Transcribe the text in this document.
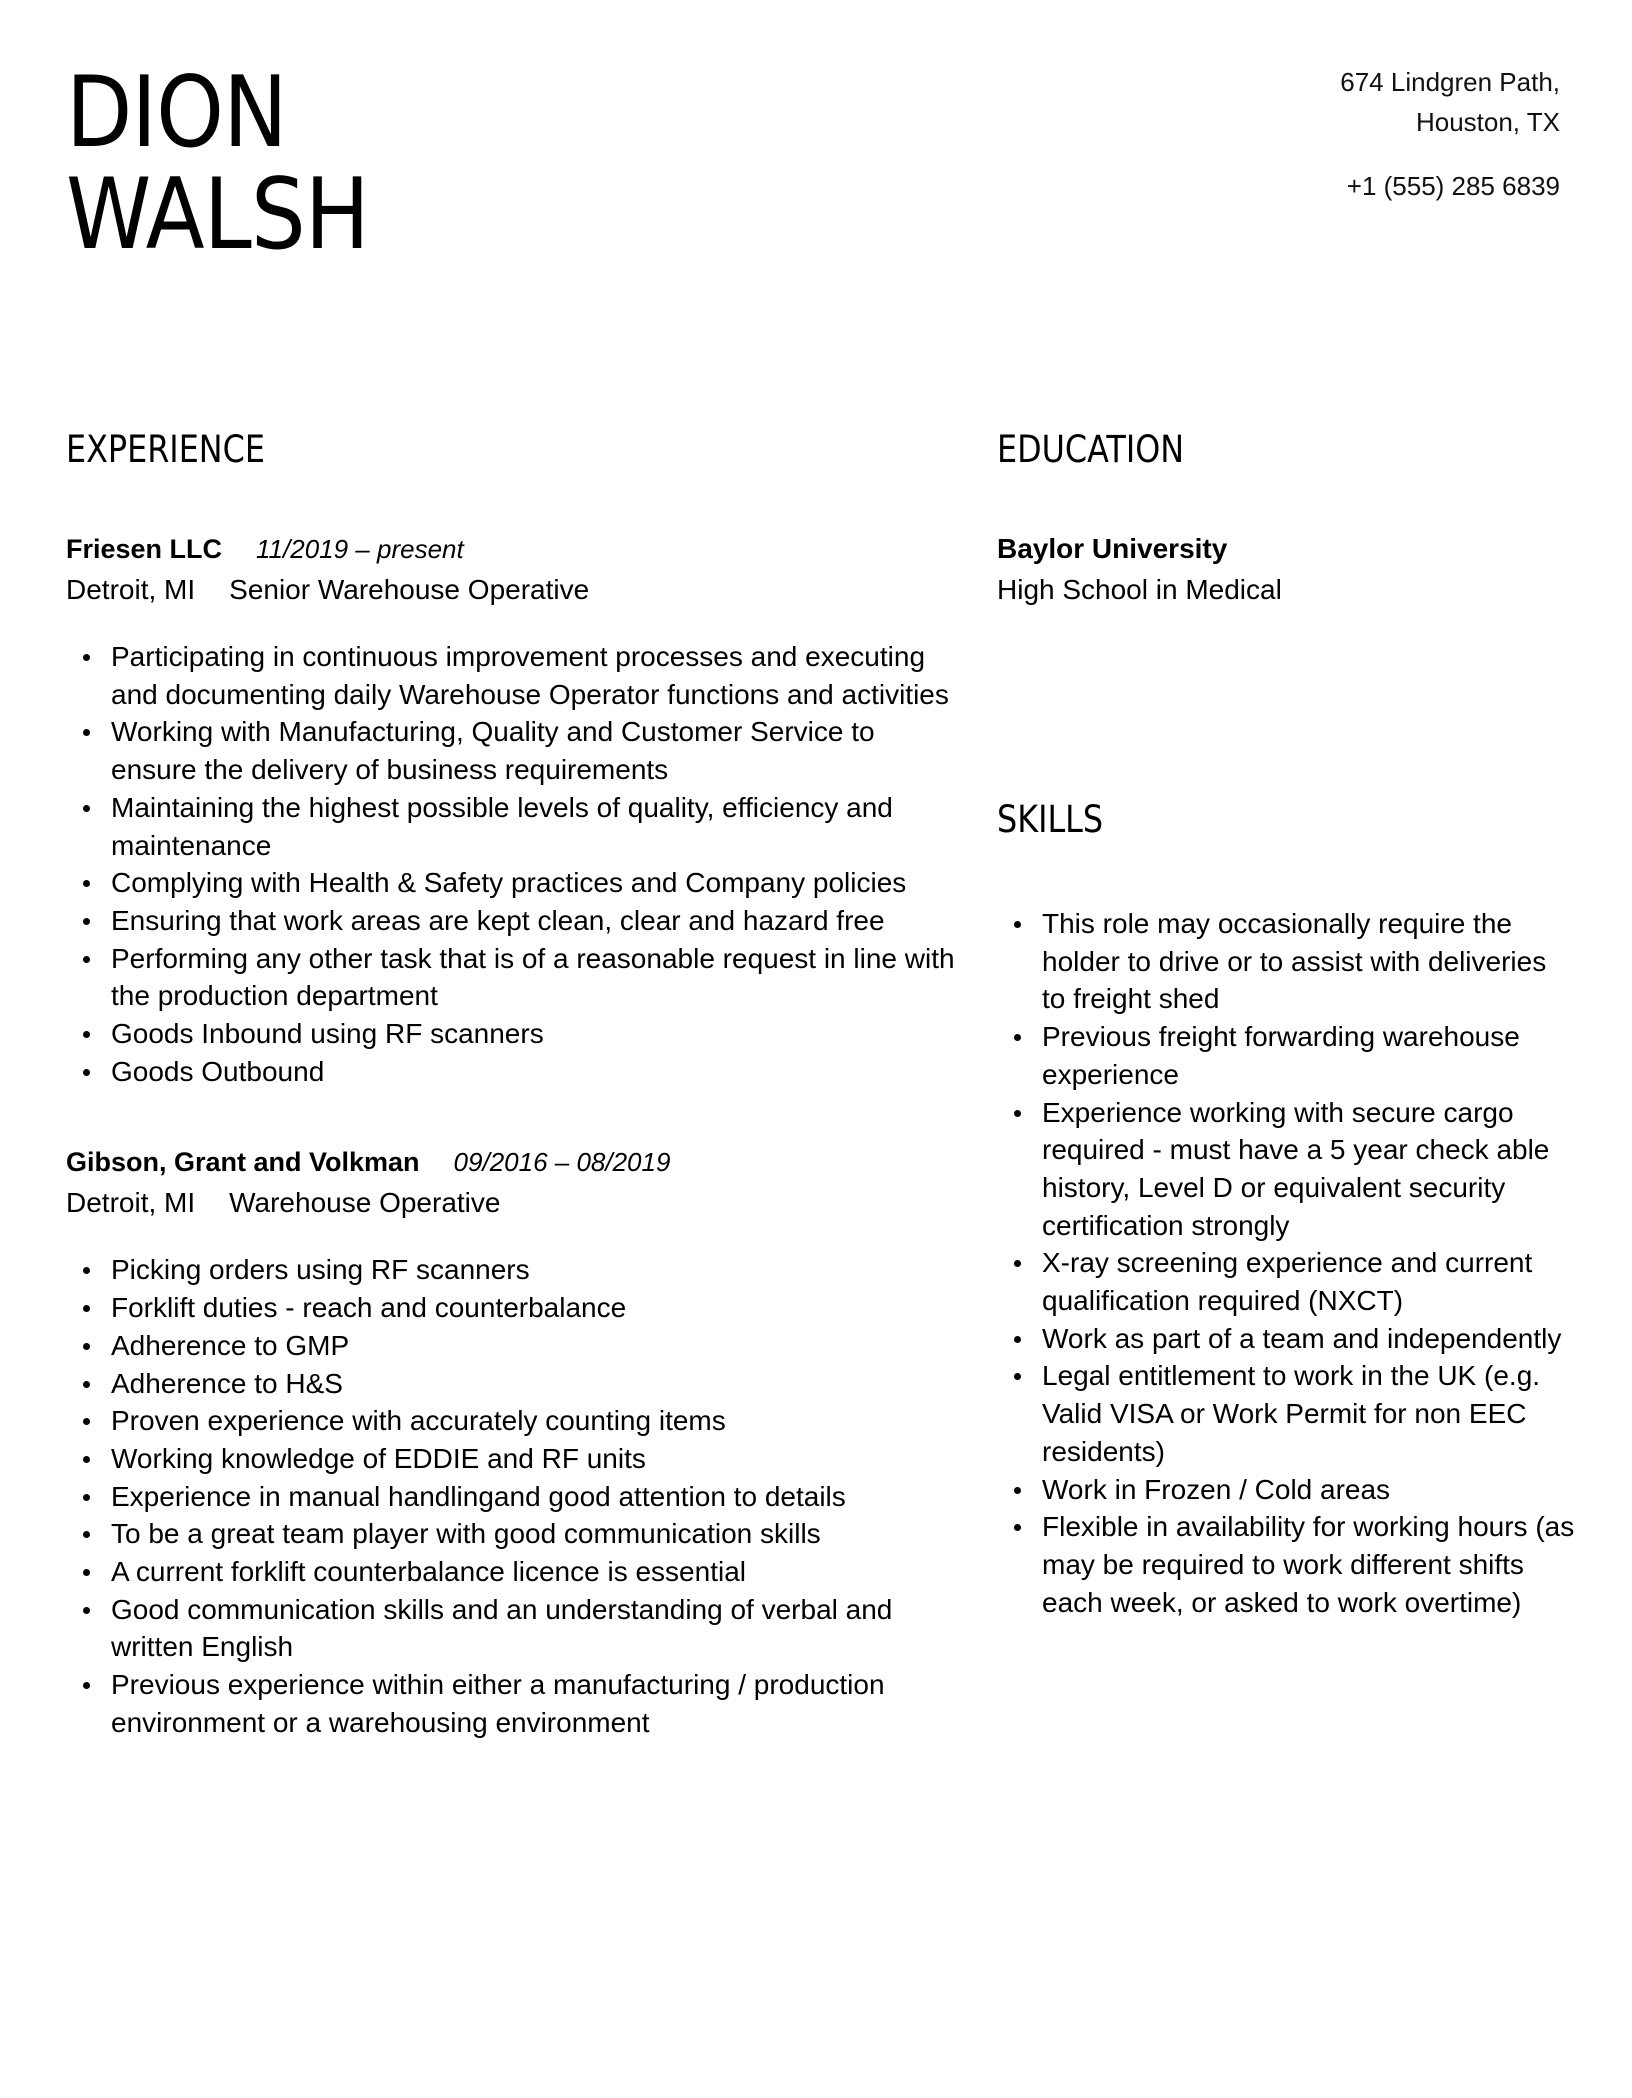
DION
WALSH
674 Lindgren Path,
Houston, TX
+1 (555) 285 6839
EXPERIENCE
Friesen LLC 11/2019 – present
Detroit, MI Senior Warehouse Operative
Participating in continuous improvement processes and executing and documenting daily Warehouse Operator functions and activities
Working with Manufacturing, Quality and Customer Service to ensure the delivery of business requirements
Maintaining the highest possible levels of quality, efficiency and maintenance
Complying with Health & Safety practices and Company policies
Ensuring that work areas are kept clean, clear and hazard free
Performing any other task that is of a reasonable request in line with the production department
Goods Inbound using RF scanners
Goods Outbound
Gibson, Grant and Volkman 09/2016 – 08/2019
Detroit, MI Warehouse Operative
Picking orders using RF scanners
Forklift duties - reach and counterbalance
Adherence to GMP
Adherence to H&S
Proven experience with accurately counting items
Working knowledge of EDDIE and RF units
Experience in manual handlingand good attention to details
To be a great team player with good communication skills
A current forklift counterbalance licence is essential
Good communication skills and an understanding of verbal and written English
Previous experience within either a manufacturing / production environment or a warehousing environment
EDUCATION
Baylor University
High School in Medical
SKILLS
This role may occasionally require the holder to drive or to assist with deliveries to freight shed
Previous freight forwarding warehouse experience
Experience working with secure cargo required - must have a 5 year check able history, Level D or equivalent security certification strongly
X-ray screening experience and current qualification required (NXCT)
Work as part of a team and independently
Legal entitlement to work in the UK (e.g. Valid VISA or Work Permit for non EEC residents)
Work in Frozen / Cold areas
Flexible in availability for working hours (as may be required to work different shifts each week, or asked to work overtime)
